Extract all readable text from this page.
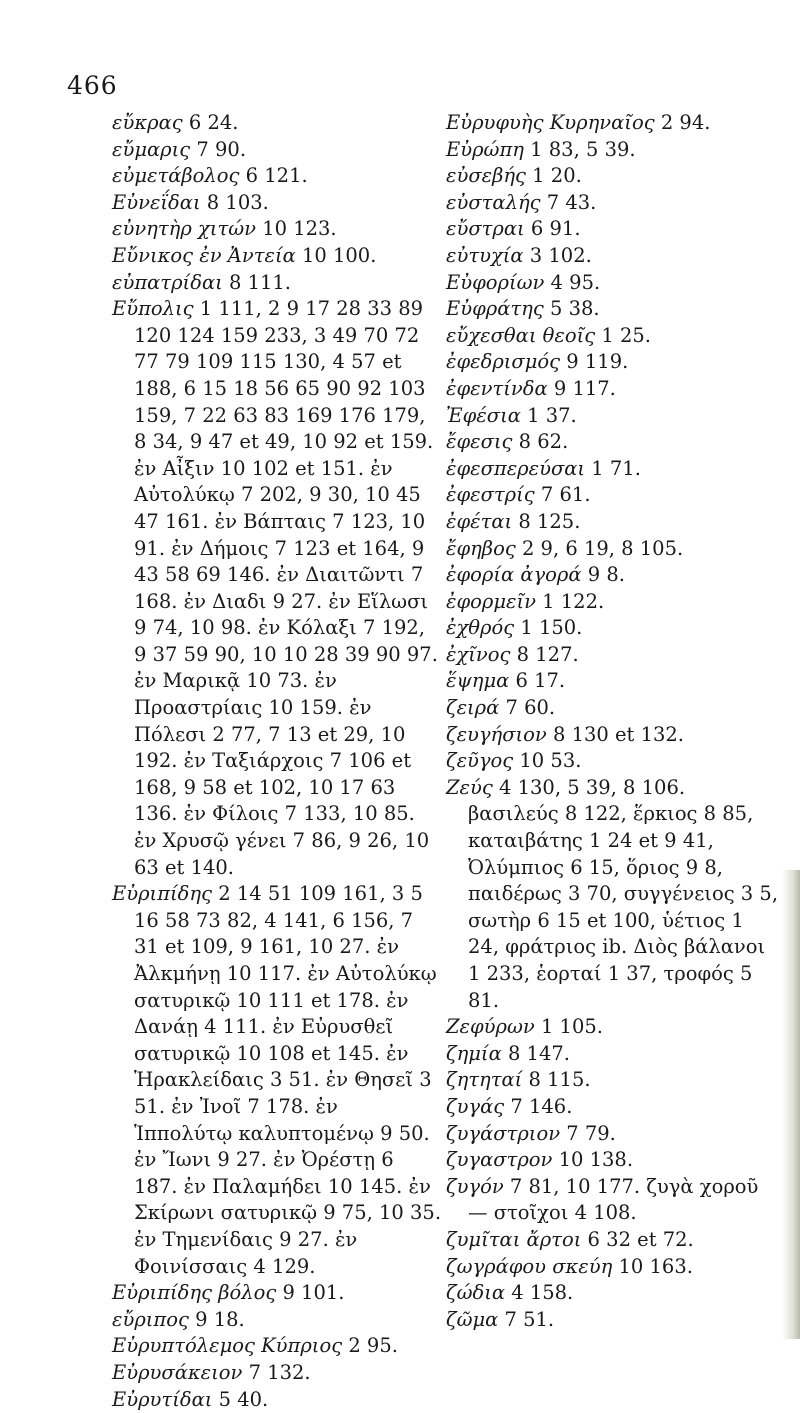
466

εὔκρας 6 24.

εὔμαρις 7 90.

εὐμετάβολος 6 121.

Εὐνεΐδαι 8 103.

εὐνητὴρ χιτών 10 123.

Εὔνικος ἐν Ἀντεία 10 100.

εὐπατρίδαι 8 111.

Εὔπολις 1 111, 2 9 17 28 33 89 120 124 159 233, 3 49 70 72 77 79 109 115 130, 4 57 et 188, 6 15 18 56 65 90 92 103 159, 7 22 63 83 169 176 179, 8 34, 9 47 et 49, 10 92 et 159. ἐν Αἶξιν 10 102 et 151. ἐν Αὐτολύκῳ 7 202, 9 30, 10 45 47 161. ἐν Βάπταις 7 123, 10 91. ἐν Δήμοις 7 123 et 164, 9 43 58 69 146. ἐν Διαιτῶντι 7 168. ἐν Διαδι 9 27. ἐν Εἵλωσι 9 74, 10 98. ἐν Κόλαξι 7 192, 9 37 59 90, 10 10 28 39 90 97. ἐν Μαρικᾷ 10 73. ἐν Προαστρίαις 10 159. ἐν Πόλεσι 2 77, 7 13 et 29, 10 192. ἐν Ταξιάρχοις 7 106 et 168, 9 58 et 102, 10 17 63 136. ἐν Φίλοις 7 133, 10 85. ἐν Χρυσῷ γένει 7 86, 9 26, 10 63 et 140.

Εὐριπίδης 2 14 51 109 161, 3 5 16 58 73 82, 4 141, 6 156, 7 31 et 109, 9 161, 10 27. ἐν Ἀλκμήνῃ 10 117. ἐν Αὐτολύκῳ σατυρικῷ 10 111 et 178. ἐν Δανάῃ 4 111. ἐν Εὐρυσθεῖ σατυρικῷ 10 108 et 145. ἐν Ἡρακλείδαις 3 51. ἐν Θησεῖ 3 51. ἐν Ἰνοῖ 7 178. ἐν Ἱππολύτῳ καλυπτομένῳ 9 50. ἐν Ἴωνι 9 27. ἐν Ὀρέστῃ 6 187. ἐν Παλαμήδει 10 145. ἐν Σκίρωνι σατυρικῷ 9 75, 10 35. ἐν Τημενίδαις 9 27. ἐν Φοινίσσαις 4 129.

Εὐριπίδης βόλος 9 101.

εὔριπος 9 18.

Εὐρυπτόλεμος Κύπριος 2 95.

Εὐρυσάκειον 7 132.

Εὐρυτίδαι 5 40.

Εὐρυφυὴς Κυρηναῖος 2 94.

Εὐρώπη 1 83, 5 39.

εὐσεβής 1 20.

εὐσταλής 7 43.

εὔστραι 6 91.

εὐτυχία 3 102.

Εὐφορίων 4 95.

Εὐφράτης 5 38.

εὔχεσθαι θεοῖς 1 25.

ἐφεδρισμός 9 119.

ἐφεντίνδα 9 117.

Ἐφέσια 1 37.

ἔφεσις 8 62.

ἐφεσπερεύσαι 1 71.

ἐφεστρίς 7 61.

ἐφέται 8 125.

ἔφηβος 2 9, 6 19, 8 105.

ἐφορία ἀγορά 9 8.

ἐφορμεῖν 1 122.

ἐχθρός 1 150.

ἐχῖνος 8 127.

ἕψημα 6 17.

ζειρά 7 60.

ζευγήσιον 8 130 et 132.

ζεῦγος 10 53.

Ζεύς 4 130, 5 39, 8 106. βασιλεύς 8 122, ἕρκιος 8 85, καταιβάτης 1 24 et 9 41, Ὀλύμπιος 6 15, ὅριος 9 8, παιδέρως 3 70, συγγένειος 3 5, σωτὴρ 6 15 et 100, ὑέτιος 1 24, φράτριος ib. Διὸς βάλανοι 1 233, ἑορταί 1 37, τροφός 5 81.

Ζεφύρων 1 105.

ζημία 8 147.

ζητηταί 8 115.

ζυγάς 7 146.

ζυγάστριον 7 79.

ζυγαστρον 10 138.

ζυγόν 7 81, 10 177. ζυγὰ χοροῦ — στοῖχοι 4 108.

ζυμῖται ἄρτοι 6 32 et 72.

ζωγράφου σκεύη 10 163.

ζώδια 4 158.

ζῶμα 7 51.
